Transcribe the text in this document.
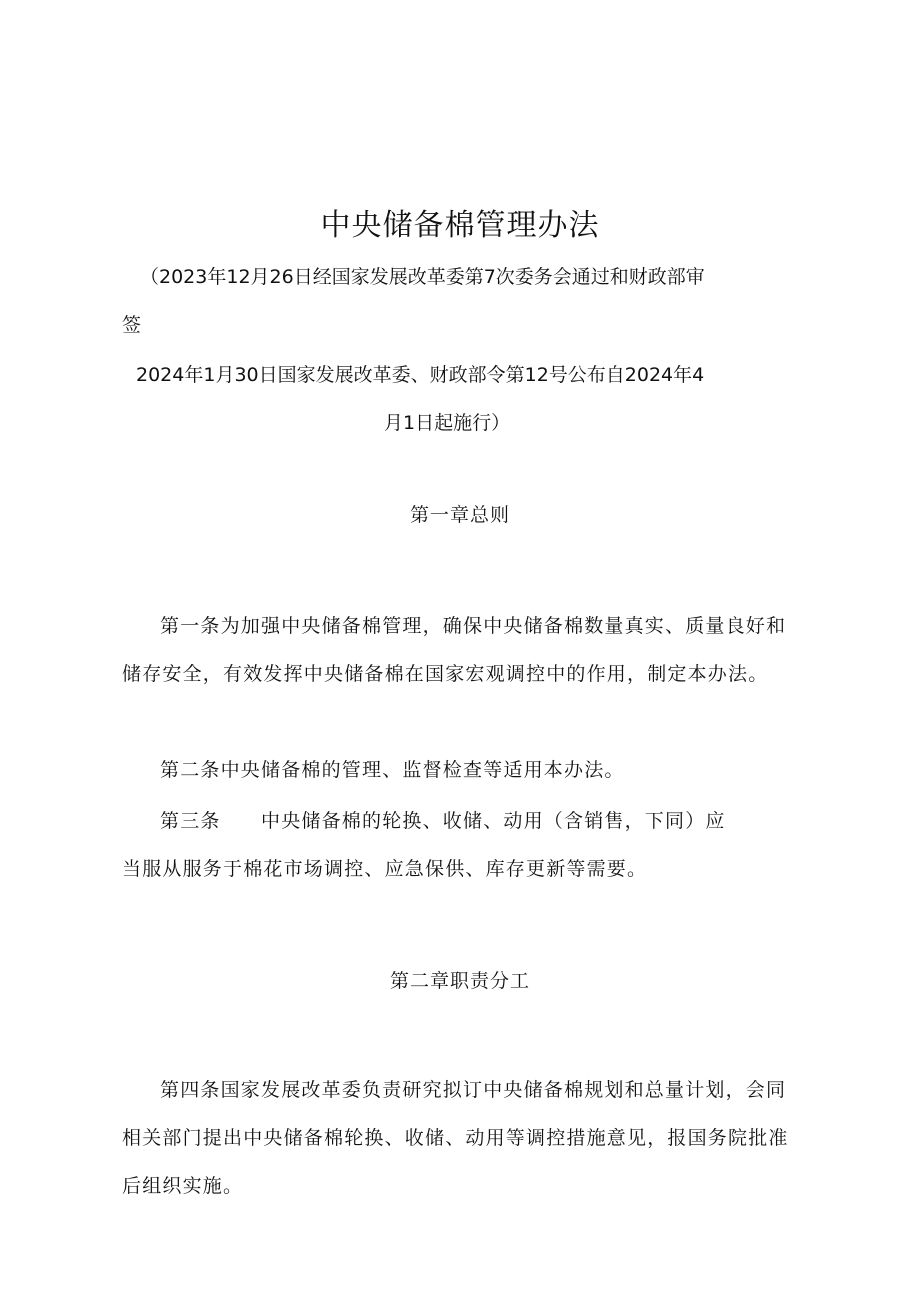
中央储备棉管理办法
（2023年12月26日经国家发展改革委第7次委务会通过和财政部审
签
2024年1月30日国家发展改革委、财政部令第12号公布自2024年4
月1日起施行）
第一章总则
第一条为加强中央储备棉管理，确保中央储备棉数量真实、质量良好和储存安全，有效发挥中央储备棉在国家宏观调控中的作用，制定本办法。
第二条中央储备棉的管理、监督检查等适用本办法。
第三条　　中央储备棉的轮换、收储、动用（含销售，下同）应
当服从服务于棉花市场调控、应急保供、库存更新等需要。
第二章职责分工
第四条国家发展改革委负责研究拟订中央储备棉规划和总量计划，会同相关部门提出中央储备棉轮换、收储、动用等调控措施意见，报国务院批准后组织实施。
